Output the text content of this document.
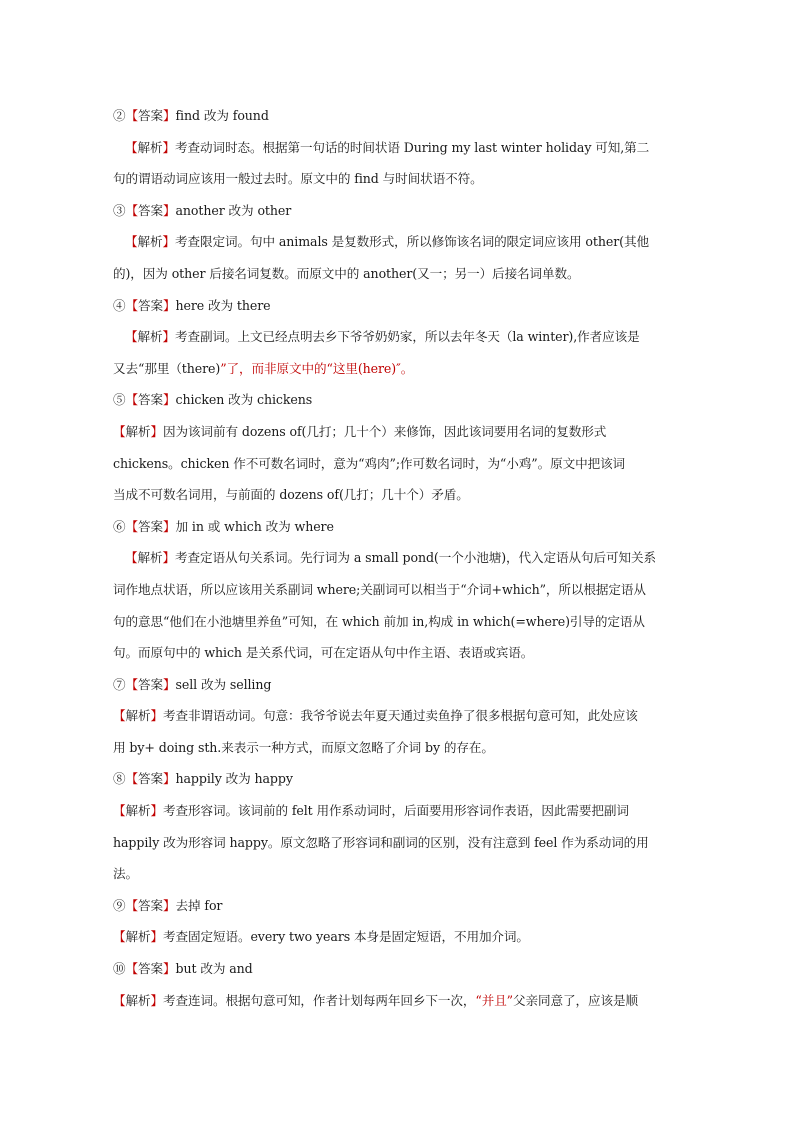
②【答案】find 改为 found
【解析】考查动词时态。根据第一句话的时间状语 During my last winter holiday 可知,第二
句的谓语动词应该用一般过去时。原文中的 find 与时间状语不符。
③【答案】another 改为 other
【解析】考查限定词。句中 animals 是复数形式，所以修饰该名词的限定词应该用 other(其他
的)，因为 other 后接名词复数。而原文中的 another(又一；另一）后接名词单数。
④【答案】here 改为 there
【解析】考查副词。上文已经点明去乡下爷爷奶奶家，所以去年冬天（la winter),作者应该是
又去“那里（there)”了，而非原文中的“这里(here)″。
⑤【答案】chicken 改为 chickens
【解析】因为该词前有 dozens of(几打；几十个）来修饰，因此该词要用名词的复数形式
chickens。chicken 作不可数名词时，意为“鸡肉”;作可数名词时，为“小鸡”。原文中把该词
当成不可数名词用，与前面的 dozens of(几打；几十个）矛盾。
⑥【答案】加 in 或 which 改为 where
【解析】考查定语从句关系词。先行词为 a small pond(一个小池塘)，代入定语从句后可知关系
词作地点状语，所以应该用关系副词 where;关副词可以相当于“介词+which”，所以根据定语从
句的意思“他们在小池塘里养鱼”可知，在 which 前加 in,构成 in which(=where)引导的定语从
句。而原句中的 which 是关系代词，可在定语从句中作主语、表语或宾语。
⑦【答案】sell 改为 selling
【解析】考查非谓语动词。句意：我爷爷说去年夏天通过卖鱼挣了很多根据句意可知，此处应该
用 by+ doing sth.来表示一种方式，而原文忽略了介词 by 的存在。
⑧【答案】happily 改为 happy
【解析】考查形容词。该词前的 felt 用作系动词时，后面要用形容词作表语，因此需要把副词
happily 改为形容词 happy。原文忽略了形容词和副词的区别，没有注意到 feel 作为系动词的用
法。
⑨【答案】去掉 for
【解析】考查固定短语。every two years 本身是固定短语，不用加介词。
⑩【答案】but 改为 and
【解析】考查连词。根据句意可知，作者计划每两年回乡下一次，“并且”父亲同意了，应该是顺
